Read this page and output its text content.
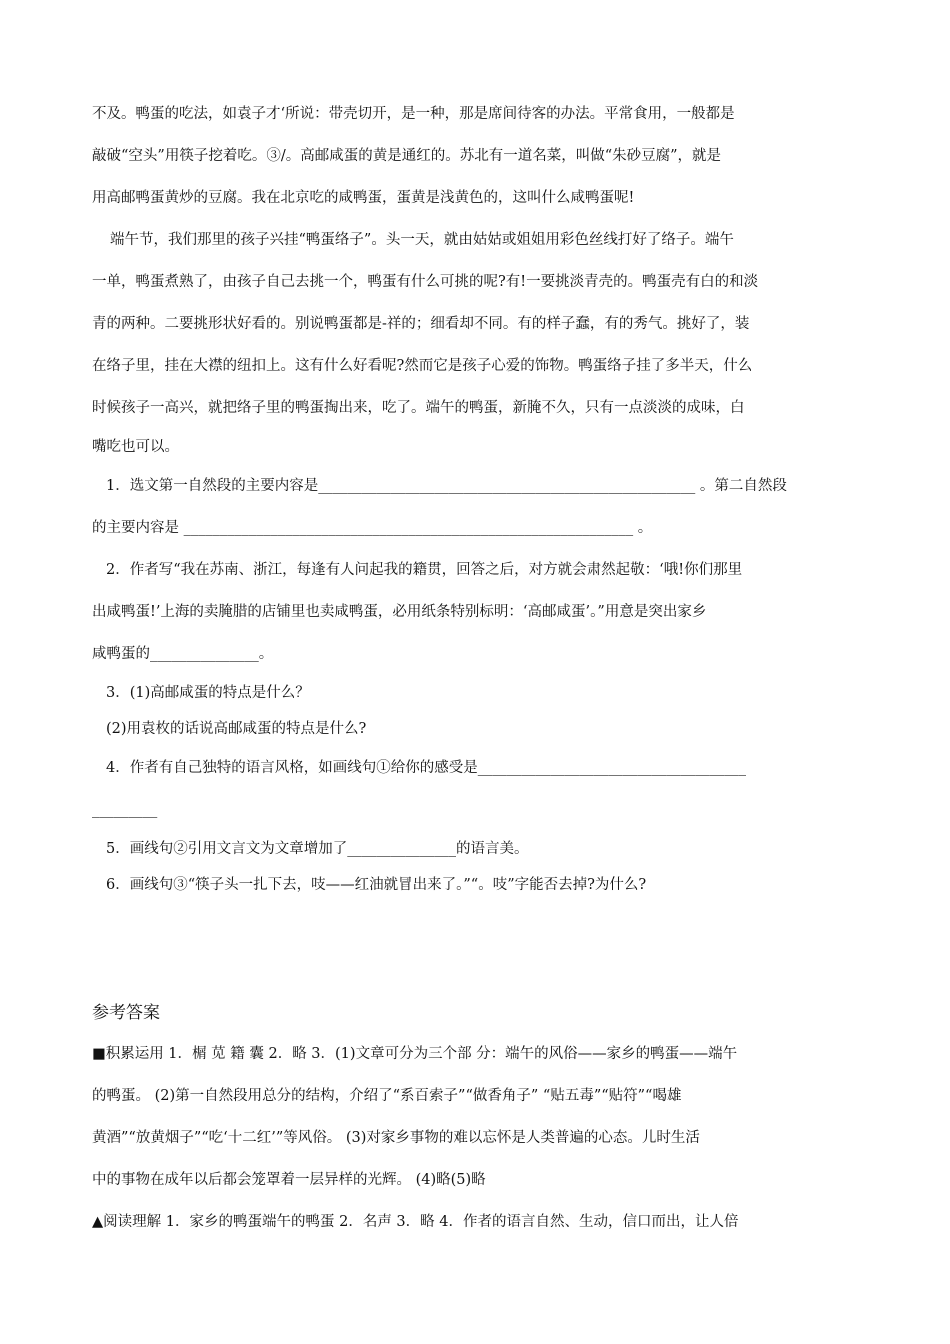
不及。鸭蛋的吃法，如袁子才‘所说：带壳切开，是一种，那是席间待客的办法。平常食用，一般都是
敲破“空头”用筷子挖着吃。③/。高邮咸蛋的黄是通红的。苏北有一道名菜，叫做“朱砂豆腐”，就是
用高邮鸭蛋黄炒的豆腐。我在北京吃的咸鸭蛋，蛋黄是浅黄色的，这叫什么咸鸭蛋呢!
端午节，我们那里的孩子兴挂“鸭蛋络子”。头一天，就由姑姑或姐姐用彩色丝线打好了络子。端午
一单，鸭蛋煮熟了，由孩子自己去挑一个，鸭蛋有什么可挑的呢?有!一要挑淡青壳的。鸭蛋壳有白的和淡
青的两种。二要挑形状好看的。别说鸭蛋都是-祥的；细看却不同。有的样子蠢，有的秀气。挑好了，装
在络子里，挂在大襟的纽扣上。这有什么好看呢?然而它是孩子心爱的饰物。鸭蛋络子挂了多半天，什么
时候孩子一高兴，就把络子里的鸭蛋掏出来，吃了。端午的鸭蛋，新腌不久，只有一点淡淡的成味，白
嘴吃也可以。
1．选文第一自然段的主要内容是____________________________________________________ 。第二自然段
的主要内容是 ______________________________________________________________ 。
2．作者写“我在苏南、浙江，每逢有人问起我的籍贯，回答之后，对方就会肃然起敬：‘哦!你们那里
出咸鸭蛋!’上海的卖腌腊的店铺里也卖咸鸭蛋，必用纸条特别标明：‘高邮咸蛋’。”用意是突出家乡
咸鸭蛋的_______________。
3．(1)高邮咸蛋的特点是什么？
(2)用袁枚的话说高邮咸蛋的特点是什么?
4．作者有自己独特的语言风格，如画线句①给你的感受是_____________________________________
_________
5．画线句②引用文言文为文章增加了_______________的语言美。
6．画线句③“筷子头一扎下去，吱——红油就冒出来了。”“。吱”字能否去掉?为什么?
参考答案
■积累运用 1．榍 苋 籍 囊 2．略 3．(1)文章可分为三个部 分：端午的风俗——家乡的鸭蛋——端午
的鸭蛋。 (2)第一自然段用总分的结构，介绍了“系百索子”“做香角子” “贴五毒”“贴符”“喝雄
黄酒”“放黄烟子”“吃‘十二红’”等风俗。 (3)对家乡事物的难以忘怀是人类普遍的心态。儿时生活
中的事物在成年以后都会笼罩着一层异样的光辉。 (4)略(5)略
▲阅读理解 1．家乡的鸭蛋端午的鸭蛋 2．名声 3．略 4．作者的语言自然、生动，信口而出，让人倍
